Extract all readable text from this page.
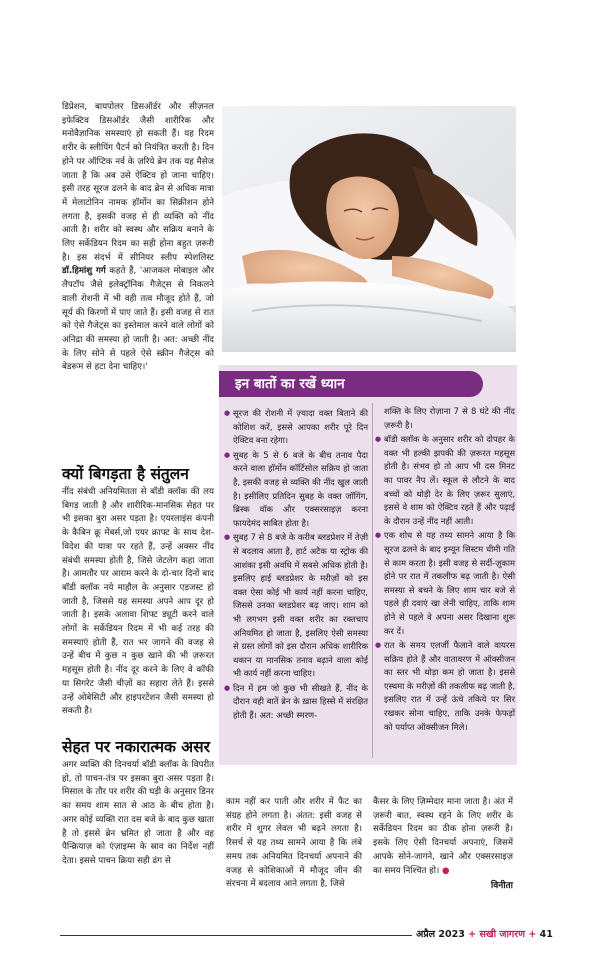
डिप्रेशन, बायपोलर डिसऑर्डर और सीज़नल इफेक्टिव डिसऑर्डर जैसी शारीरिक और मनोवैज्ञानिक समस्याएं हो सकती हैं। यह रिदम शरीर के स्लीपिंग पैटर्न को नियंत्रित करती है। दिन होने पर ऑप्टिक नर्व के ज़रिये ब्रेन तक यह मैसेज जाता है कि अब उसे ऐक्टिव हो जाना चाहिए। इसी तरह सूरज ढलने के बाद ब्रेन से अधिक मात्रा में मेलाटोनिन नामक हॉर्मोन का सिक्रीशन होने लगता है, इसकी वजह से ही व्यक्ति को नींद आती है। शरीर को स्वस्थ और सक्रिय बनाने के लिए सर्केडियन रिदम का सही होना बहुत ज़रूरी है। इस संदर्भ में सीनियर स्लीप स्पेशलिस्ट डॉ.हिमांशु गर्ग कहते हैं, 'आजकल मोबाइल और लैपटॉप जैसे इलेक्ट्रॉनिक गैजेट्स से निकलने वाली रोशनी में भी वही तत्व मौजूद होते हैं, जो सूर्य की किरणों में पाए जाते हैं। इसी वजह से रात को ऐसे गैजेट्स का इस्तेमाल करने वाले लोगों को अनिद्रा की समस्या हो जाती है। अत: अच्छी नींद के लिए सोने से पहले ऐसे स्क्रीन गैजेट्स को बेडरूम से हटा देना चाहिए।'

क्यों बिगड़ता है संतुलन

नींद संबंधी अनियमितता से बॉडी क्लॉक की लय बिगड़ जाती है और शारीरिक-मानसिक सेहत पर भी इसका बुरा असर पड़ता है। एयरलाइंस कंपनी के कैबिन क्रू मेंबर्स,जो एयर क्राफ्ट के साथ देश-विदेश की यात्रा पर रहते हैं, उन्हें अक्सर नींद संबंधी समस्या होती है, जिसे जेटलेग कहा जाता है। आमतौर पर आराम करने के दो-चार दिनों बाद बॉडी क्लॉक नये माहौल के अनुसार एडजस्ट हो जाती है, जिससे यह समस्या अपने आप दूर हो जाती है। इसके अलावा शिफ्ट ड्यूटी करने वाले लोगों के सर्केडियन रिदम में भी कई तरह की समस्याएं होती हैं, रात भर जागने की वजह से उन्हें बीच में कुछ न कुछ खाने की भी ज़रूरत महसूस होती है। नींद दूर करने के लिए वे कॉफी या सिगरेट जैसी चीज़ों का सहारा लेते हैं। इससे उन्हें ओबेसिटी और हाइपरटेंशन जैसी समस्या हो सकती है।

सेहत पर नकारात्मक असर

अगर व्यक्ति की दिनचर्या बॉडी क्लॉक के विपरीत हो, तो पाचन-तंत्र पर इसका बुरा असर पड़ता है। मिसाल के तौर पर शरीर की घड़ी के अनुसार डिनर का समय शाम सात से आठ के बीच होता है। अगर कोई व्यक्ति रात दस बजे के बाद कुछ खाता है तो इससे ब्रेन भ्रमित हो जाता है और वह पैन्क्रियाज़ को एंज़ाइम्स के स्राव का निर्देश नहीं देता। इससे पाचन क्रिया सही ढंग से

इन बातों का रखें ध्यान
● सूरज की रोशनी में ज़्यादा वक्त बिताने की कोशिश करें, इससे आपका शरीर पूरे दिन ऐक्टिव बना रहेगा।
● सुबह के 5 से 6 बजे के बीच तनाव पैदा करने वाला हॉर्मोन कॉर्टिसोल सक्रिय हो जाता है, इसकी वजह से व्यक्ति की नींद खुल जाती है। इसीलिए प्रतिदिन सुबह के वक्त जॉगिंग, ब्रिस्क वॉक और एक्सरसाइज़ करना फायदेमंद साबित होता है।
● सुबह 7 से 8 बजे के करीब ब्लडप्रेशर में तेज़ी से बदलाव आता है, हार्ट अटैक या स्ट्रोक की आशंका इसी अवधि में सबसे अधिक होती है। इसलिए हाई ब्लडप्रेशर के मरीज़ों को इस वक्त ऐसा कोई भी कार्य नहीं करना चाहिए, जिससे उनका ब्लडप्रेशर बढ़ जाए। शाम को भी लगभग इसी वक्त शरीर का रक्तचाप अनियमित हो जाता है, इसलिए ऐसी समस्या से ग्रस्त लोगों को इस दौरान अधिक शारीरिक थकान या मानसिक तनाव बढ़ाने वाला कोई भी कार्य नहीं करना चाहिए।
● दिन में हम जो कुछ भी सीखते हैं, नींद के दौरान वही बातें ब्रेन के ख़ास हिस्से में संरक्षित होती हैं। अत: अच्छी स्मरण-
शक्ति के लिए रोज़ाना 7 से 8 घंटे की नींद ज़रूरी है।
● बॉडी क्लॉक के अनुसार शरीर को दोपहर के वक्त भी हल्की झपकी की ज़रूरत महसूस होती है। संभव हो तो आप भी दस मिनट का पावर नैप लें। स्कूल से लौटने के बाद बच्चों को थोड़ी देर के लिए ज़रूर सुलाएं, इससे वे शाम को ऐक्टिव रहते हैं और पढ़ाई के दौरान उन्हें नींद नहीं आती।
● एक शोध से यह तथ्य सामने आया है कि सूरज ढलने के बाद इम्यून सिस्टम धीमी गति से काम करता है। इसी वजह से सर्दी-ज़ुकाम होने पर रात में तकलीफ बढ़ जाती है। ऐसी समस्या से बचने के लिए शाम चार बजे से पहले ही दवाएं खा लेनी चाहिए, ताकि शाम होने से पहले वे अपना असर दिखाना शुरू कर दें।
● रात के समय एलर्जी फैलाने वाले वायरस सक्रिय होते हैं और वातावरण में ऑक्सीजन का स्तर भी थोड़ा कम हो जाता है। इससे एस्थमा के मरीज़ों की तकलीफ बढ़ जाती है, इसलिए रात में उन्हें ऊंचे तकिये पर सिर रखकर सोना चाहिए, ताकि उनके फेफड़ों को पर्याप्त ऑक्सीजन मिले।

काम नहीं कर पाती और शरीर में फैट का संग्रह होने लगता है। अंतत: इसी वजह से शरीर में शुगर लेवल भी बढ़ने लगता है। रिसर्च से यह तथ्य सामने आया है कि लंबे समय तक अनियमित दिनचर्या अपनाने की वजह से कोशिकाओं में मौजूद जीन की संरचना में बदलाव आने लगता है, जिसे

कैंसर के लिए ज़िम्मेदार माना जाता है। अंत में ज़रूरी बात, स्वस्थ रहने के लिए शरीर के सर्केडियन रिदम का ठीक होना ज़रूरी है। इसके लिए ऐसी दिनचर्या अपनाएं, जिसमें आपके सोने-जागने, खाने और एक्सरसाइज़ का समय निश्चित हो। ●

विनीता
अप्रैल 2023 + सखी जागरण + 41
